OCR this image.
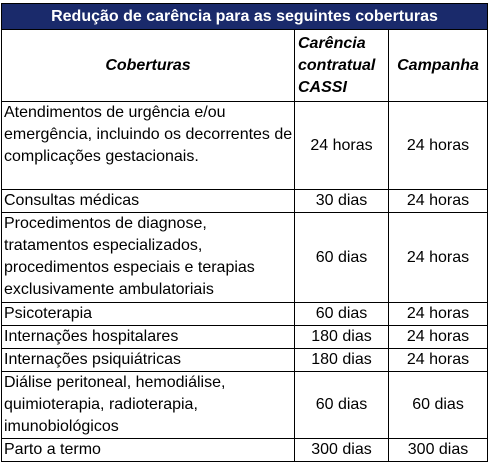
Redução de carência para as seguintes coberturas		
Coberturas	Carência contratual CASSI	Campanha
Atendimentos de urgência e/ou emergência, incluindo os decorrentes de complicações gestacionais.	24 horas	24 horas
Consultas médicas	30 dias	24 horas
Procedimentos de diagnose, tratamentos especializados, procedimentos especiais e terapias exclusivamente ambulatoriais	60 dias	24 horas
Psicoterapia	60 dias	24 horas
Internações hospitalares	180 dias	24 horas
Internações psiquiátricas	180 dias	24 horas
Diálise peritoneal, hemodiálise, quimioterapia, radioterapia, imunobiológicos	60 dias	60 dias
Parto a termo	300 dias	300 dias
